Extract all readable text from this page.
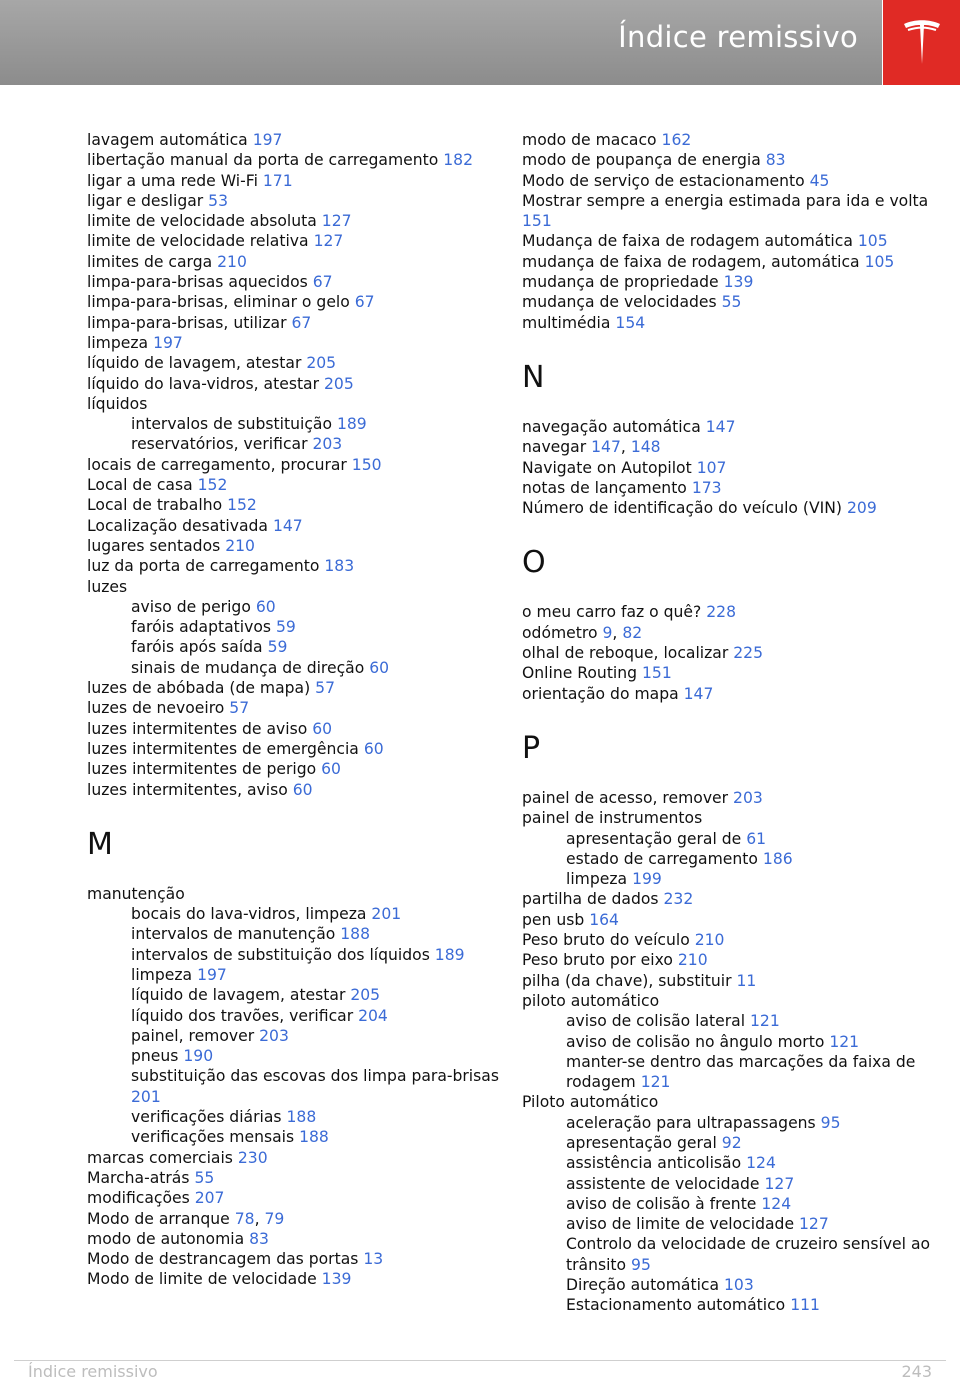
Índice remissivo
lavagem automática 197
libertação manual da porta de carregamento 182
ligar a uma rede Wi-Fi 171
ligar e desligar 53
limite de velocidade absoluta 127
limite de velocidade relativa 127
limites de carga 210
limpa-para-brisas aquecidos 67
limpa-para-brisas, eliminar o gelo 67
limpa-para-brisas, utilizar 67
limpeza 197
líquido de lavagem, atestar 205
líquido do lava-vidros, atestar 205
líquidos
intervalos de substituição 189
reservatórios, verificar 203
locais de carregamento, procurar 150
Local de casa 152
Local de trabalho 152
Localização desativada 147
lugares sentados 210
luz da porta de carregamento 183
luzes
aviso de perigo 60
faróis adaptativos 59
faróis após saída 59
sinais de mudança de direção 60
luzes de abóbada (de mapa) 57
luzes de nevoeiro 57
luzes intermitentes de aviso 60
luzes intermitentes de emergência 60
luzes intermitentes de perigo 60
luzes intermitentes, aviso 60
M
manutenção
bocais do lava-vidros, limpeza 201
intervalos de manutenção 188
intervalos de substituição dos líquidos 189
limpeza 197
líquido de lavagem, atestar 205
líquido dos travões, verificar 204
painel, remover 203
pneus 190
substituição das escovas dos limpa para-brisas 201
verificações diárias 188
verificações mensais 188
marcas comerciais 230
Marcha-atrás 55
modificações 207
Modo de arranque 78, 79
modo de autonomia 83
Modo de destrancagem das portas 13
Modo de limite de velocidade 139
modo de macaco 162
modo de poupança de energia 83
Modo de serviço de estacionamento 45
Mostrar sempre a energia estimada para ida e volta 151
Mudança de faixa de rodagem automática 105
mudança de faixa de rodagem, automática 105
mudança de propriedade 139
mudança de velocidades 55
multimédia 154
N
navegação automática 147
navegar 147, 148
Navigate on Autopilot 107
notas de lançamento 173
Número de identificação do veículo (VIN) 209
O
o meu carro faz o quê? 228
odómetro 9, 82
olhal de reboque, localizar 225
Online Routing 151
orientação do mapa 147
P
painel de acesso, remover 203
painel de instrumentos
apresentação geral de 61
estado de carregamento 186
limpeza 199
partilha de dados 232
pen usb 164
Peso bruto do veículo 210
Peso bruto por eixo 210
pilha (da chave), substituir 11
piloto automático
aviso de colisão lateral 121
aviso de colisão no ângulo morto 121
manter-se dentro das marcações da faixa de rodagem 121
Piloto automático
aceleração para ultrapassagens 95
apresentação geral 92
assistência anticolisão 124
assistente de velocidade 127
aviso de colisão à frente 124
aviso de limite de velocidade 127
Controlo da velocidade de cruzeiro sensível ao trânsito 95
Direção automática 103
Estacionamento automático 111
Índice remissivo	243
